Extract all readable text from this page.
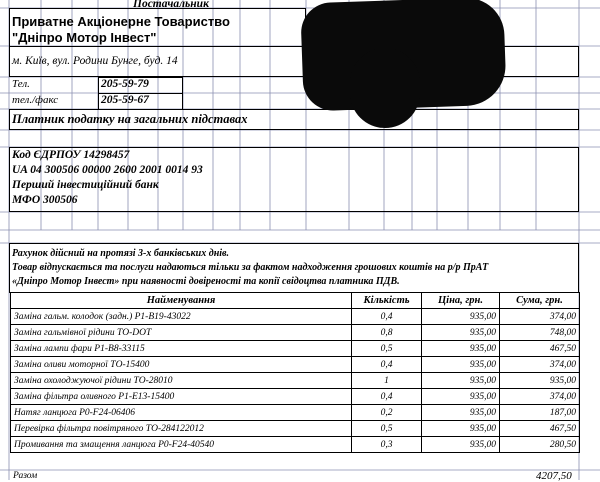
Постачальник
Приватне Акціонерне Товариство
"Дніпро Мотор Інвест"
м. Київ, вул. Родини Бунге, буд. 14
Тел.	205-59-79
тел./факс	205-59-67
Платник податку на загальних підставах
Код ЄДРПОУ 14298457
UA 04 300506 00000 2600 2001 0014 93
Перший інвестиційний банк
МФО 300506
Рахунок дійсний на протязі 3-х банківських днів.
Товар відпускається та послуги надаються тільки за фактом надходження грошових коштів на р/р ПрАТ
«Дніпро Мотор Інвест» при наявності довіреності та копії свідоцтва платника ПДВ.
Найменування	Кількість	Ціна, грн.	Сума, грн.
Заміна гальм. колодок (задн.) P1-B19-43022	0,4	935,00	374,00
Заміна гальмівної рідини ТО-DOT	0,8	935,00	748,00
Заміна лампи фари P1-B8-33115	0,5	935,00	467,50
Заміна оливи моторної ТО-15400	0,4	935,00	374,00
Заміна охолоджуючої рідини ТО-28010	1	935,00	935,00
Заміна фільтра оливного P1-E13-15400	0,4	935,00	374,00
Натяг ланцюга P0-F24-06406	0,2	935,00	187,00
Перевірка фільтра повітряного ТО-284122012	0,5	935,00	467,50
Промивання та змащення ланцюга P0-F24-40540	0,3	935,00	280,50
Разом	4207,50
